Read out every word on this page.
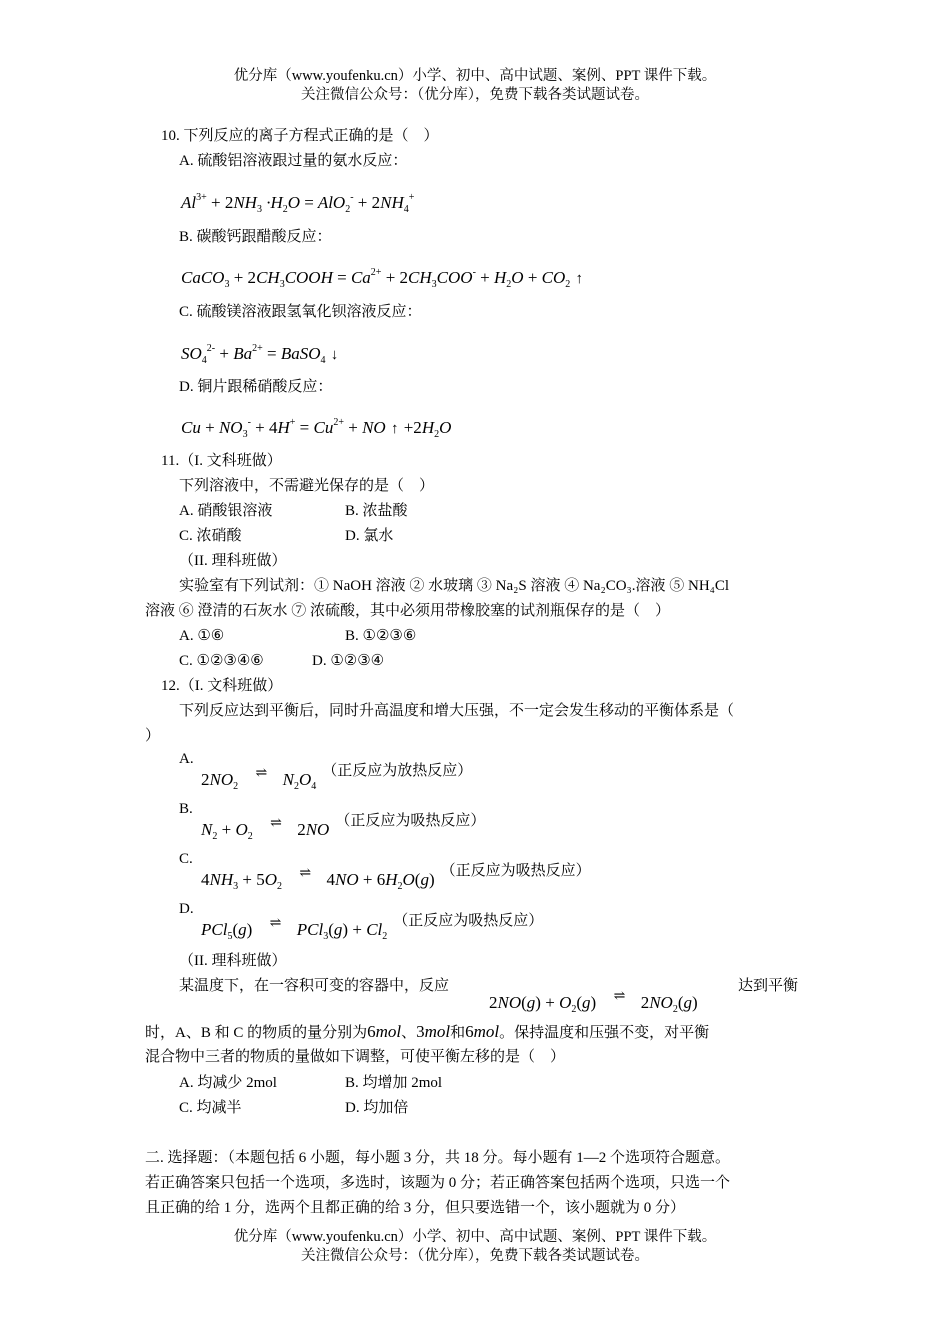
优分库（www.youfenku.cn）小学、初中、高中试题、案例、PPT 课件下载。
关注微信公众号：（优分库），免费下载各类试题试卷。
10. 下列反应的离子方程式正确的是（　）
A. 硫酸铝溶液跟过量的氨水反应：
$Al^{3+} + 2NH_3 \cdot H_2O = AlO_2^- + 2NH_4^+$
B. 碳酸钙跟醋酸反应：
CaCO$_3$ + $2CH_3COOH = Ca^{2+} + 2CH_3COO^- + H_2O + CO_2$ ↑
C. 硫酸镁溶液跟氢氧化钡溶液反应：
$SO_4^{2-} + Ba^{2+}$ = BaSO$_4$ ↓
D. 铜片跟稀硝酸反应：
$Cu + NO_3^- + 4H^+ = Cu^{2+}$ + NO ↑ $+2H_2O$
11.（I. 文科班做）
下列溶液中，不需避光保存的是（　）
A. 硝酸银溶液	B. 浓盐酸
C. 浓硝酸	D. 氯水
（II. 理科班做）
实验室有下列试剂：① NaOH 溶液 ② 水玻璃 ③ Na₂S 溶液 ④ Na₂CO₃.溶液 ⑤ NH₄Cl
溶液 ⑥ 澄清的石灰水 ⑦ 浓硫酸，其中必须用带橡胶塞的试剂瓶保存的是（　）
A. ①⑥	B. ①②③⑥
C. ①②③④⑥	D. ①②③④
12.（I. 文科班做）
下列反应达到平衡后，同时升高温度和增大压强，不一定会发生移动的平衡体系是（
）
A.
$2NO_2$ ⇌ $N_2O_4$（正反应为放热反应）
B.
$N_2 + O_2$ ⇌ 2NO （正反应为吸热反应）
C.
$4NH_3 + 5O_2$ ⇌ $4NO + 6H_2O(g)$ （正反应为吸热反应）
D.
PCl$_5$(g) ⇌ $PCl_3(g) + Cl_2$（正反应为吸热反应）
（II. 理科班做）
某温度下，在一容积可变的容器中，反应
$2NO(g) + O_2(g)$ ⇌ $2NO_2(g)$
达到平衡
时，A、B 和 C 的物质的量分别为6mol、3mol和6mol。保持温度和压强不变，对平衡
混合物中三者的物质的量做如下调整，可使平衡左移的是（　）
A. 均减少 2mol	B. 均增加 2mol
C. 均减半	D. 均加倍
二. 选择题：（本题包括 6 小题，每小题 3 分，共 18 分。每小题有 1—2 个选项符合题意。
若正确答案只包括一个选项，多选时，该题为 0 分；若正确答案包括两个选项，只选一个
且正确的给 1 分，选两个且都正确的给 3 分，但只要选错一个，该小题就为 0 分）
优分库（www.youfenku.cn）小学、初中、高中试题、案例、PPT 课件下载。
关注微信公众号：（优分库），免费下载各类试题试卷。
